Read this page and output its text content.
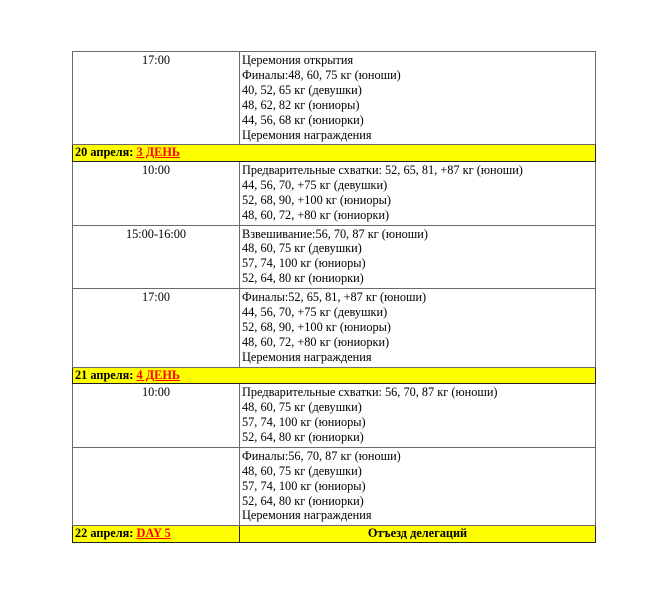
17:00	Церемония открытия
Финалы:48, 60, 75 кг (юноши)
40, 52, 65 кг (девушки)
48, 62, 82 кг (юниоры)
44, 56, 68 кг (юниорки)
Церемония награждения

20 апреля: 3 ДЕНЬ	
10:00	Предварительные схватки: 52, 65, 81, +87 кг (юноши)
44, 56, 70, +75 кг (девушки)
52, 68, 90, +100 кг (юниоры)
48, 60, 72, +80 кг (юниорки)

15:00-16:00	Взвешивание:56, 70, 87 кг (юноши)
48, 60, 75 кг (девушки)
57, 74, 100 кг (юниоры)
52, 64, 80 кг (юниорки)

17:00	Финалы:52, 65, 81, +87 кг (юноши)
44, 56, 70, +75 кг (девушки)
52, 68, 90, +100 кг (юниоры)
48, 60, 72, +80 кг (юниорки)
Церемония награждения

21 апреля: 4 ДЕНЬ	
10:00	Предварительные схватки: 56, 70, 87 кг (юноши)
48, 60, 75 кг (девушки)
57, 74, 100 кг (юниоры)
52, 64, 80 кг (юниорки)

	Финалы:56, 70, 87 кг (юноши)
48, 60, 75 кг (девушки)
57, 74, 100 кг (юниоры)
52, 64, 80 кг (юниорки)
Церемония награждения

22 апреля: DAY 5	Отъезд делегаций
